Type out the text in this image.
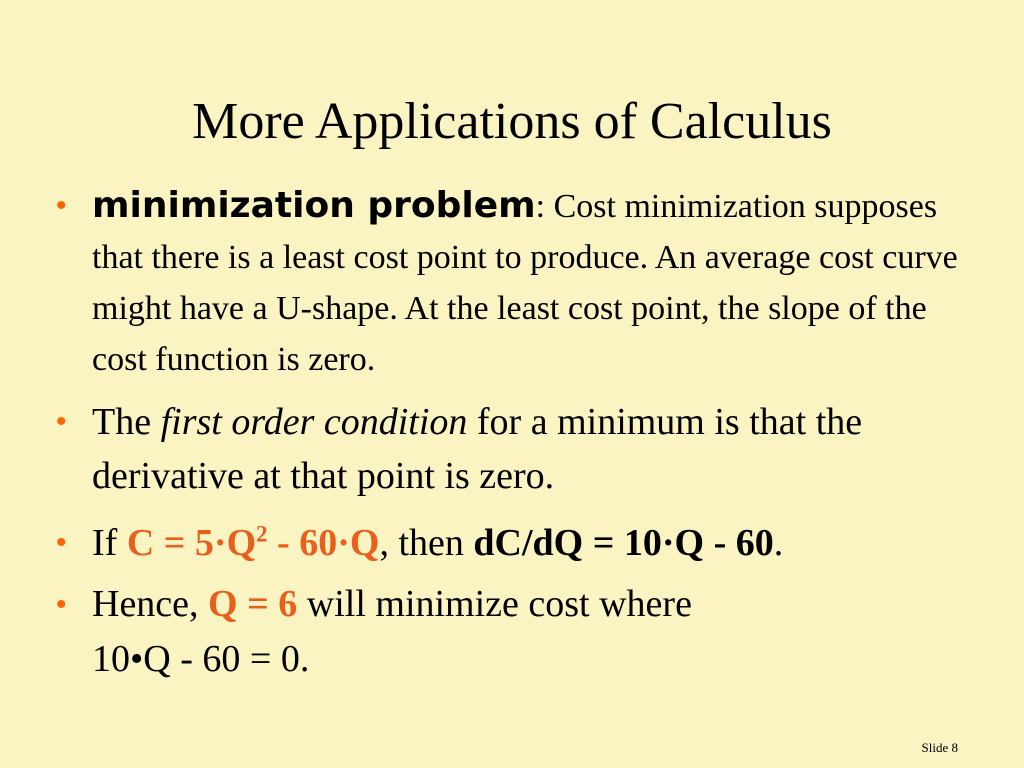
More Applications of Calculus
• minimization problem: Cost minimization supposes that there is a least cost point to produce. An average cost curve might have a U-shape. At the least cost point, the slope of the cost function is zero.
• The first order condition for a minimum is that the derivative at that point is zero.
• If $C = 5\cdot Q^2 - 60\cdot Q$, then dC/dQ = 10·Q - 60.
• Hence, Q = 6 will minimize cost where
10•Q - 60 = 0.
Slide 8
